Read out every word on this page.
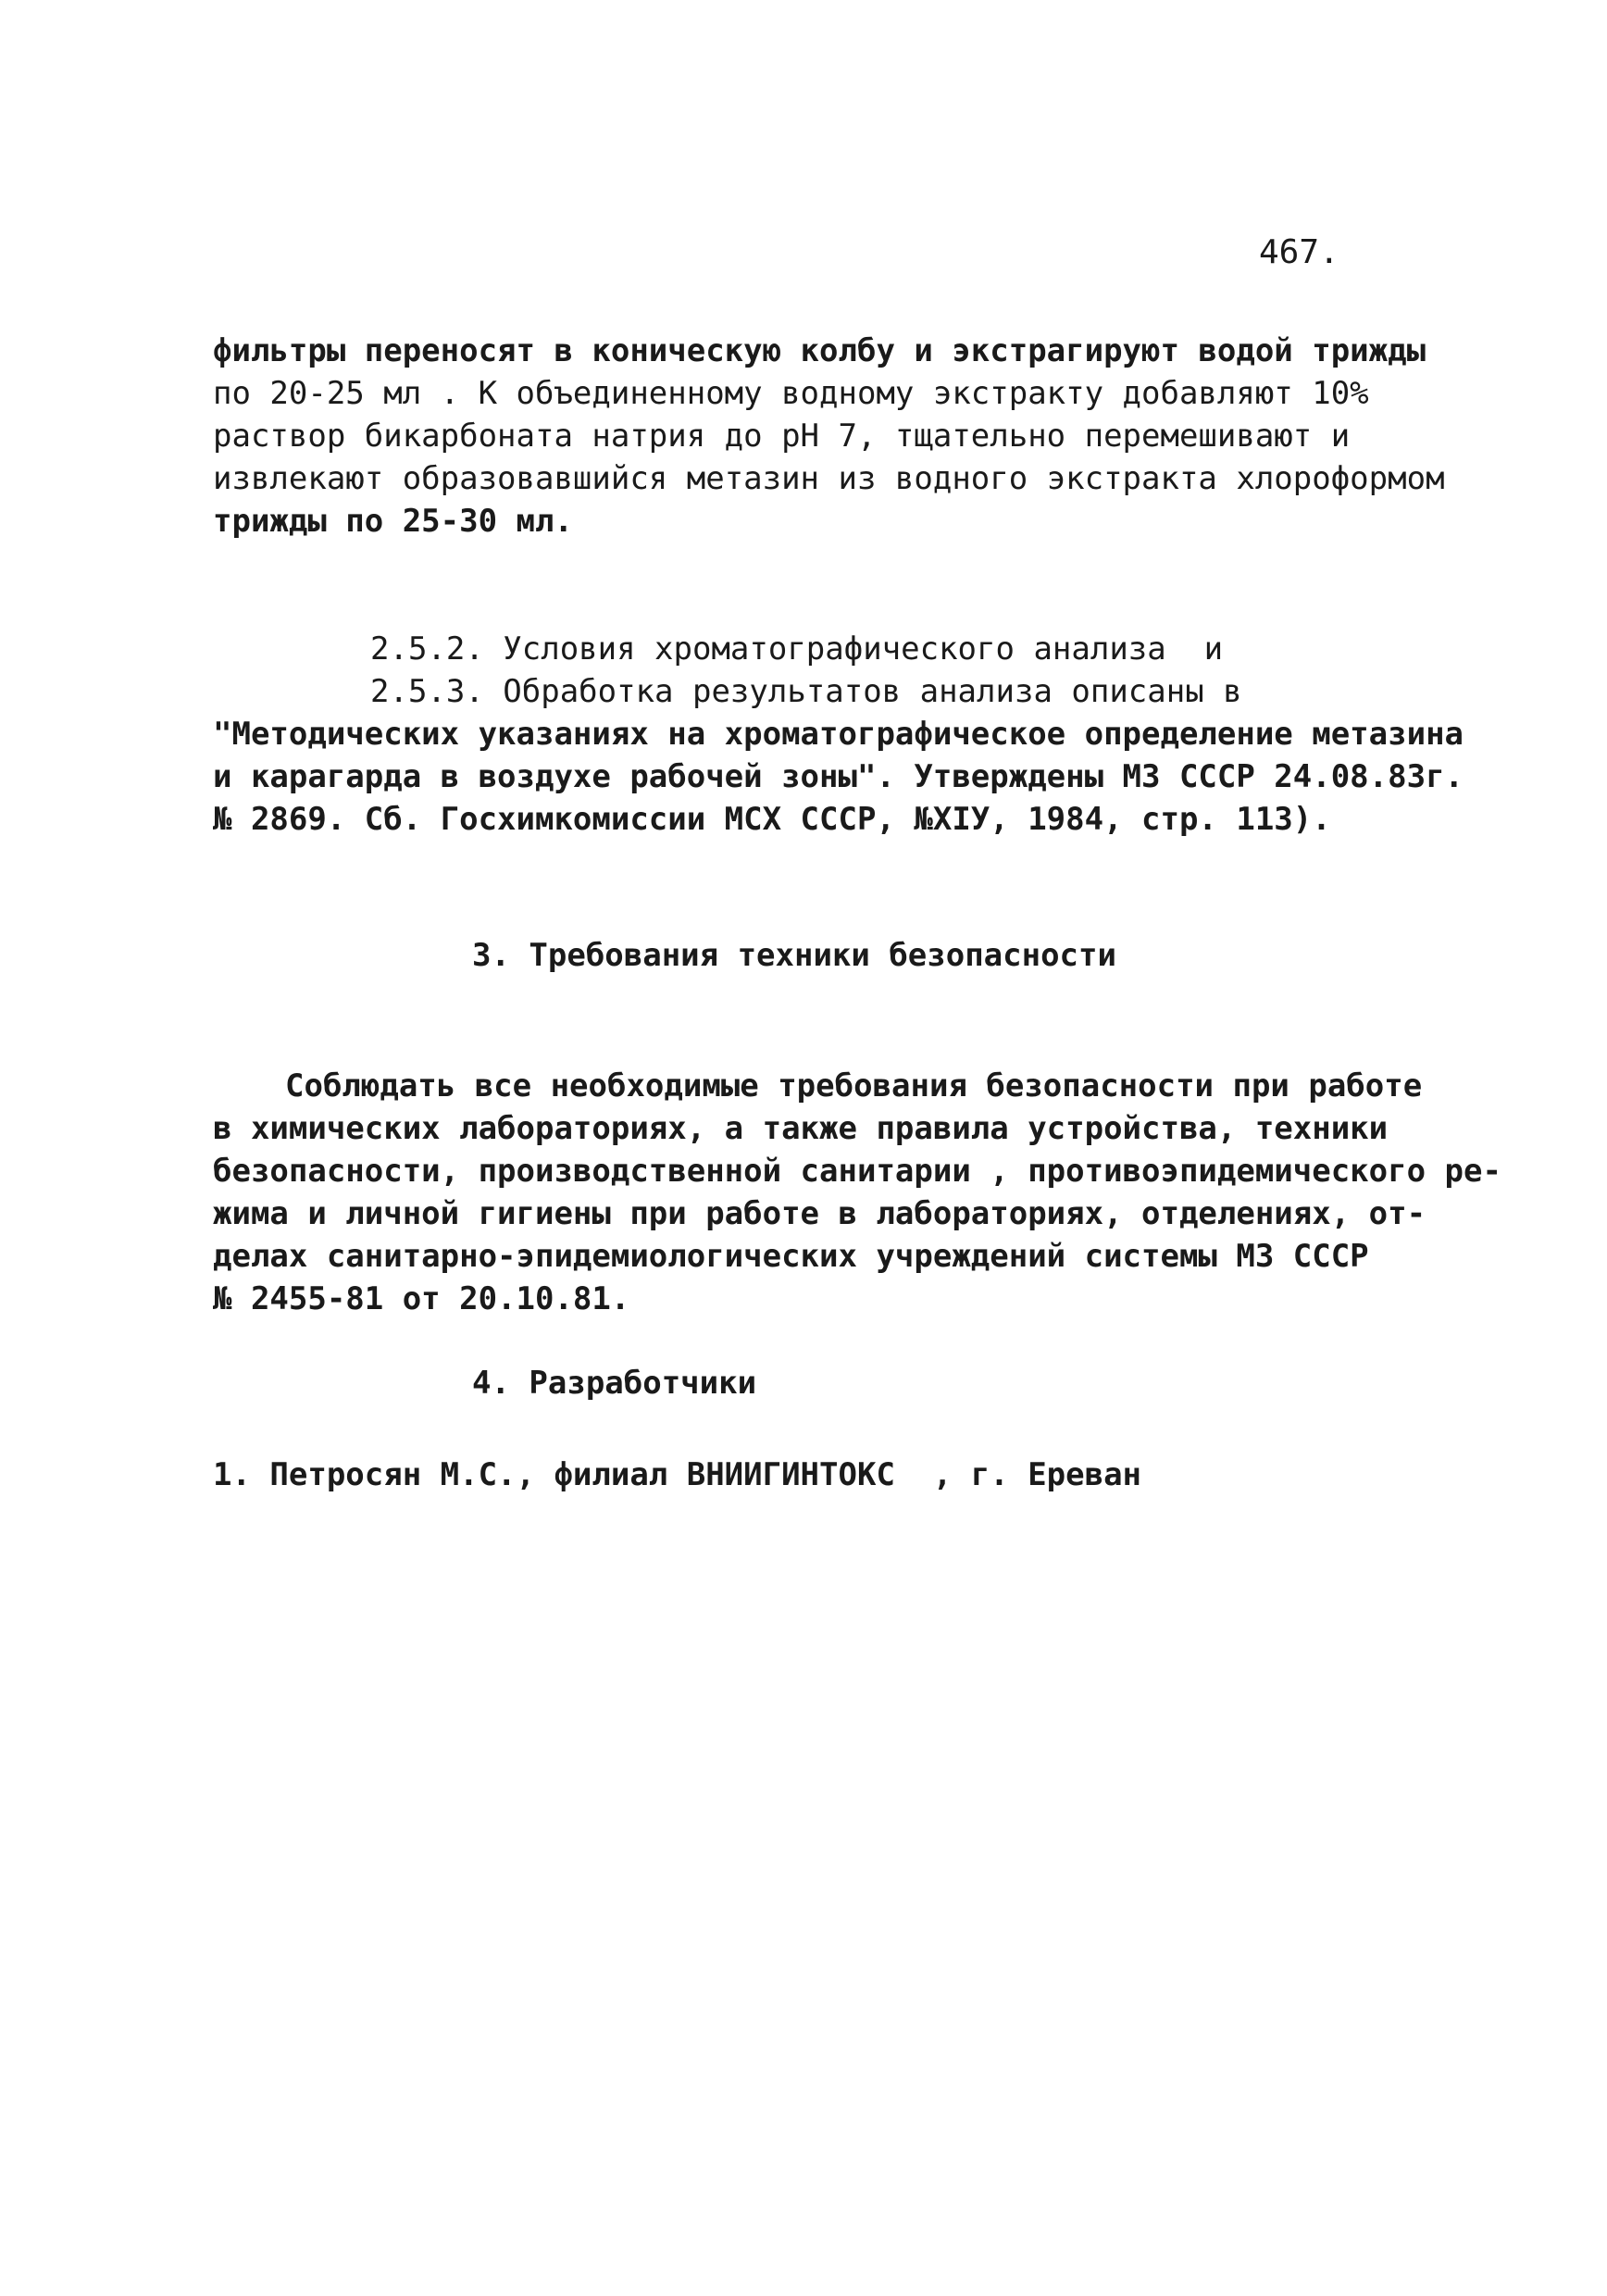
467.
фильтры переносят в коническую колбу и экстрагируют водой трижды
по 20-25 мл . К объединенному водному экстракту добавляют 10%
раствор бикарбоната натрия до pH 7, тщательно перемешивают и
извлекают образовавшийся метазин из водного экстракта хлороформом
трижды по 25-30 мл.
2.5.2. Условия хроматографического анализа  и
2.5.3. Обработка результатов анализа описаны в
"Методических указаниях на хроматографическое определение метазина
и карагарда в воздухе рабочей зоны". Утверждены МЗ СССР 24.08.83г.
№ 2869. Сб. Госхимкомиссии МСХ СССР, №XIУ, 1984, стр. 113).
3. Требования техники безопасности
Соблюдать все необходимые требования безопасности при работе
в химических лабораториях, а также правила устройства, техники
безопасности, производственной санитарии , противоэпидемического ре-
жима и личной гигиены при работе в лабораториях, отделениях, от-
делах санитарно-эпидемиологических учреждений системы МЗ СССР
№ 2455-81 от 20.10.81.
4. Разработчики
1. Петросян М.С., филиал ВНИИГИНТОКС  , г. Ереван
